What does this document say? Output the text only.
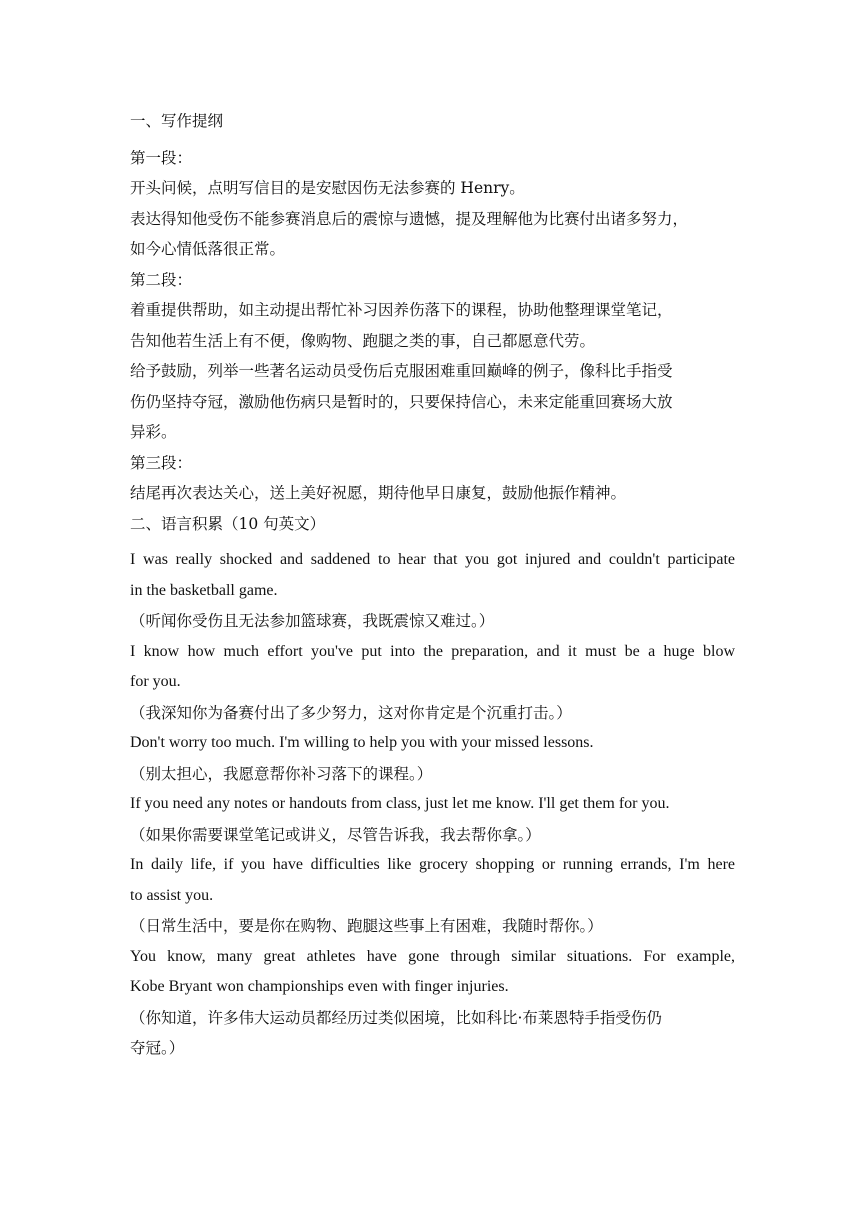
一、写作提纲
第一段：
开头问候，点明写信目的是安慰因伤无法参赛的 Henry。
表达得知他受伤不能参赛消息后的震惊与遗憾，提及理解他为比赛付出诸多努力，
如今心情低落很正常。
第二段：
着重提供帮助，如主动提出帮忙补习因养伤落下的课程，协助他整理课堂笔记，
告知他若生活上有不便，像购物、跑腿之类的事，自己都愿意代劳。
给予鼓励，列举一些著名运动员受伤后克服困难重回巅峰的例子，像科比手指受
伤仍坚持夺冠，激励他伤病只是暂时的，只要保持信心，未来定能重回赛场大放
异彩。
第三段：
结尾再次表达关心，送上美好祝愿，期待他早日康复，鼓励他振作精神。
二、语言积累（10 句英文）
I was really shocked and saddened to hear that you got injured and couldn't participate
in the basketball game.
（听闻你受伤且无法参加篮球赛，我既震惊又难过。）
I know how much effort you've put into the preparation, and it must be a huge blow
for you.
（我深知你为备赛付出了多少努力，这对你肯定是个沉重打击。）
Don't worry too much. I'm willing to help you with your missed lessons.
（别太担心，我愿意帮你补习落下的课程。）
If you need any notes or handouts from class, just let me know. I'll get them for you.
（如果你需要课堂笔记或讲义，尽管告诉我，我去帮你拿。）
In daily life, if you have difficulties like grocery shopping or running errands, I'm here
to assist you.
（日常生活中，要是你在购物、跑腿这些事上有困难，我随时帮你。）
You know, many great athletes have gone through similar situations. For example,
Kobe Bryant won championships even with finger injuries.
（你知道，许多伟大运动员都经历过类似困境，比如科比·布莱恩特手指受伤仍
夺冠。）
